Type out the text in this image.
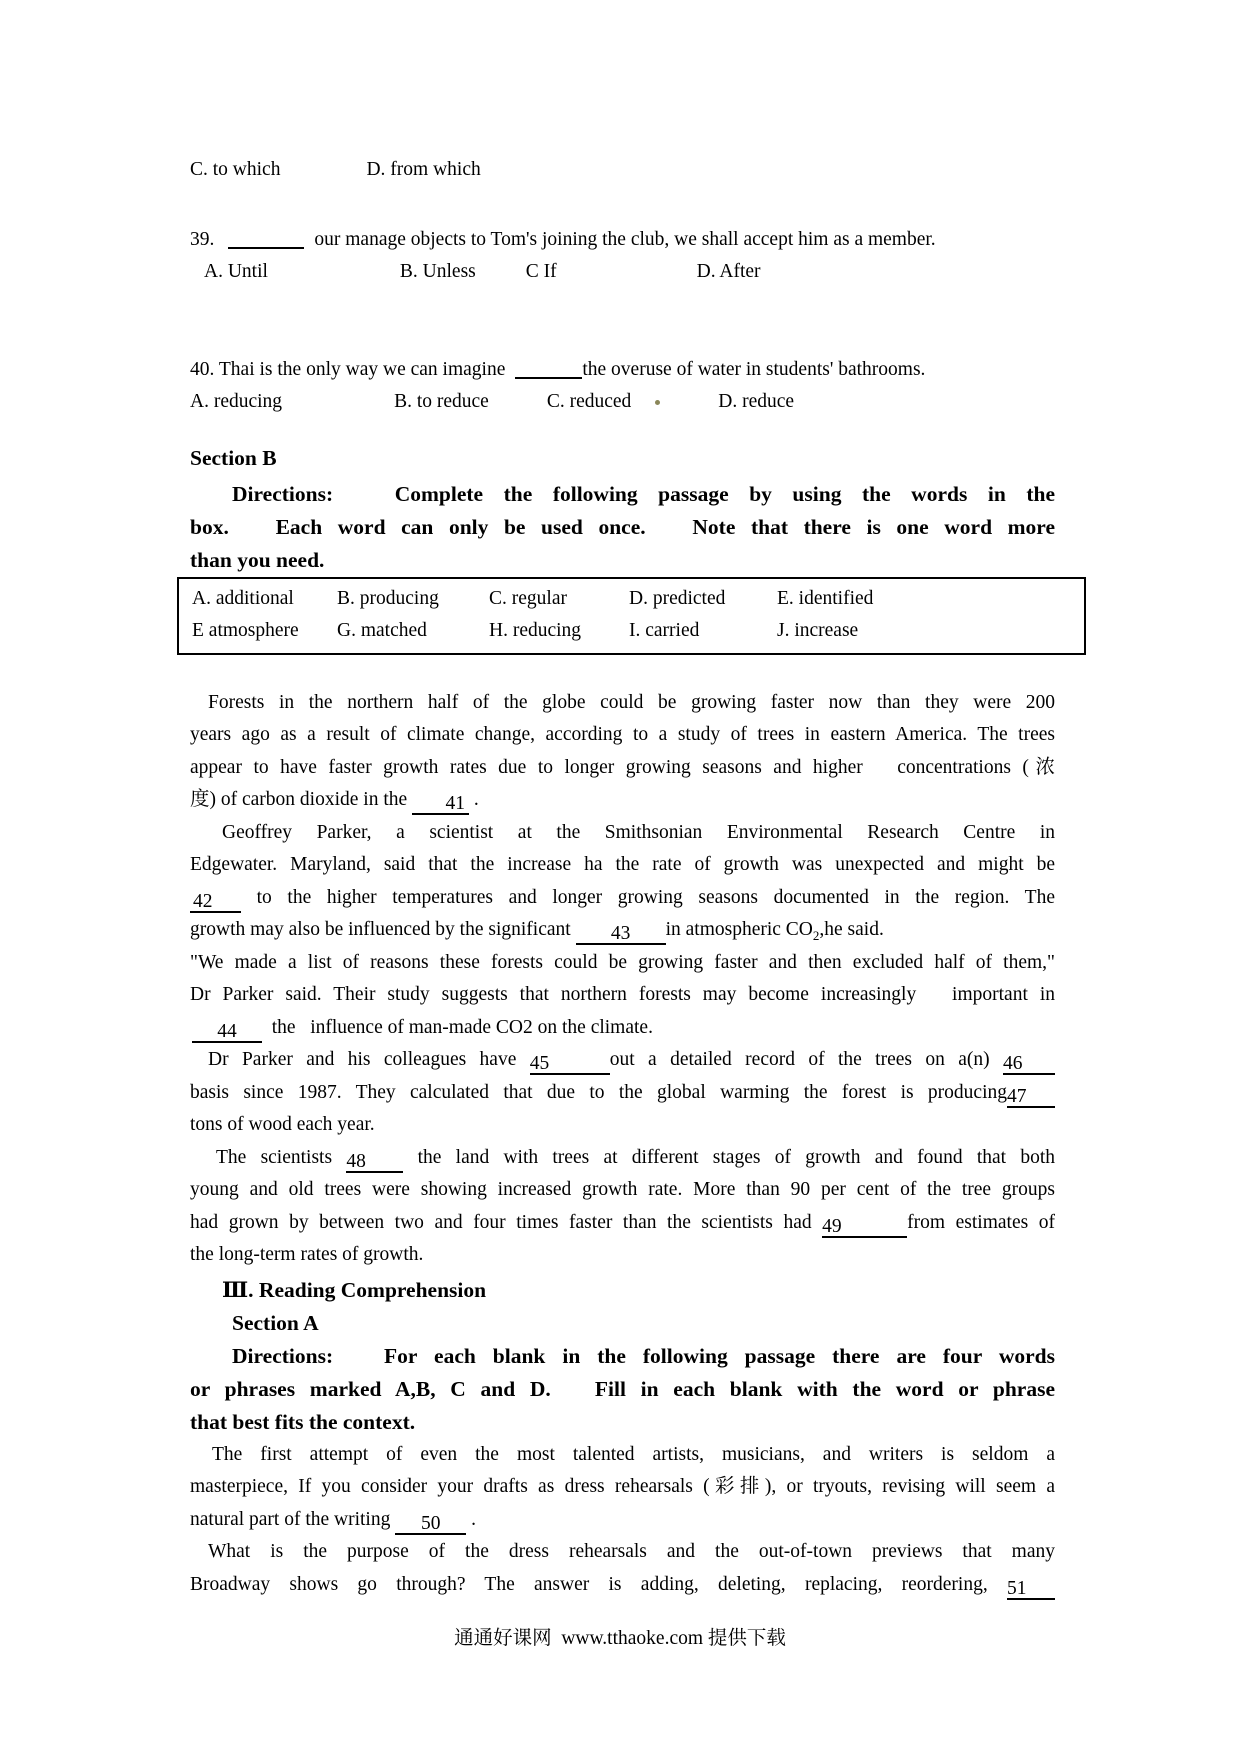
C. to which	D. from which
39.	our manage objects to Tom's joining the club, we shall accept him as a member.
A. Until	B. Unless	C If	D. After
40. Thai is the only way we can imagine	the overuse of water in students' bathrooms.
A. reducing	B. to reduce	C. reduced	D. reduce
Section B
Directions:   Complete the following passage by using the words in the
box.   Each word can only be used once.   Note that there is one word more
than you need.
A. additional	B. producing	C. regular	D. predicted	E. identified
E atmosphere	G. matched	H. reducing	I. carried	J. increase
Forests in the northern half of the globe could be growing faster now than they were 200
years ago as a result of climate change, according to a study of trees in eastern America. The trees
appear to have faster growth rates due to longer growing seasons and higher   concentrations (浓
度) of carbon dioxide in the 41 .
Geoffrey Parker, a scientist at the Smithsonian Environmental Research Centre in
Edgewater. Maryland, said that the increase ha the rate of growth was unexpected and might be
42 to the higher temperatures and longer growing seasons documented in the region. The
growth may also be influenced by the significant 43 in atmospheric $CO_2,he$ said.
"We made a list of reasons these forests could be growing faster and then excluded half of them,"
Dr Parker said. Their study suggests that northern forests may become increasingly   important in
44  the   influence of man-made CO2 on the climate.
Dr Parker and his colleagues have 45	out a detailed record of the trees on a(n) 46
basis since 1987. They calculated that due to the global warming the forest is producing47
tons of wood each year.
The scientists 48 the land with trees at different stages of growth and found that both
young and old trees were showing increased growth rate. More than 90 per cent of the tree groups
had grown by between two and four times faster than the scientists had 49	from estimates of
the long-term rates of growth.
Ⅲ. Reading Comprehension
Section A
Directions:   For each blank in the following passage there are four words
or phrases marked A,B, C and D.   Fill in each blank with the word or phrase
that best fits the context.
The first attempt of even the most talented artists, musicians, and writers is seldom a
masterpiece, If you consider your drafts as dress rehearsals (彩排), or tryouts, revising will seem a
natural part of the writing 50 .
What is the purpose of the dress rehearsals and the out-of-town previews that many
Broadway shows go through? The answer is adding, deleting, replacing, reordering, 51
通通好课网  www.tthaoke.com 提供下载
